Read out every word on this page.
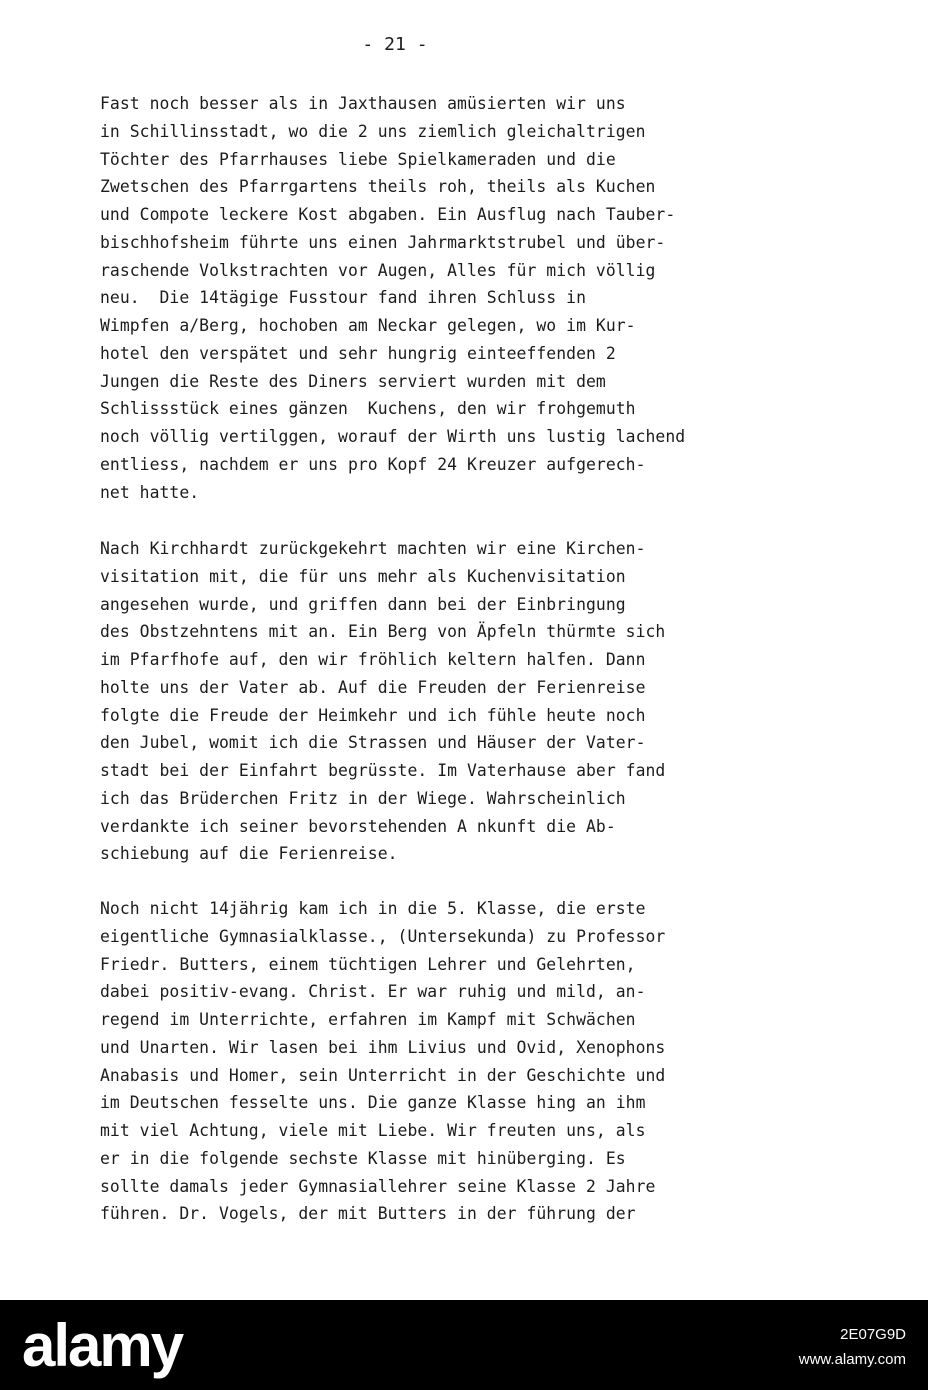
- 21 -
Fast noch besser als in Jaxthausen amüsierten wir uns
in Schillinsstadt, wo die 2 uns ziemlich gleichaltrigen
Töchter des Pfarrhauses liebe Spielkameraden und die
Zwetschen des Pfarrgartens theils roh, theils als Kuchen
und Compote leckere Kost abgaben. Ein Ausflug nach Tauber-
bischhofsheim führte uns einen Jahrmarktstrubel und über-
raschende Volkstrachten vor Augen, Alles für mich völlig
neu.  Die 14tägige Fusstour fand ihren Schluss in
Wimpfen a/Berg, hochoben am Neckar gelegen, wo im Kur-
hotel den verspätet und sehr hungrig einteeffenden 2
Jungen die Reste des Diners serviert wurden mit dem
Schlissstück eines gänzen  Kuchens, den wir frohgemuth
noch völlig vertilggen, worauf der Wirth uns lustig lachend
entliess, nachdem er uns pro Kopf 24 Kreuzer aufgerech-
net hatte.
Nach Kirchhardt zurückgekehrt machten wir eine Kirchen-
visitation mit, die für uns mehr als Kuchenvisitation
angesehen wurde, und griffen dann bei der Einbringung
des Obstzehntens mit an. Ein Berg von Äpfeln thürmte sich
im Pfarfhofe auf, den wir fröhlich keltern halfen. Dann
holte uns der Vater ab. Auf die Freuden der Ferienreise
folgte die Freude der Heimkehr und ich fühle heute noch
den Jubel, womit ich die Strassen und Häuser der Vater-
stadt bei der Einfahrt begrüsste. Im Vaterhause aber fand
ich das Brüderchen Fritz in der Wiege. Wahrscheinlich
verdankte ich seiner bevorstehenden A nkunft die Ab-
schiebung auf die Ferienreise.
Noch nicht 14jährig kam ich in die 5. Klasse, die erste
eigentliche Gymnasialklasse., (Untersekunda) zu Professor
Friedr. Butters, einem tüchtigen Lehrer und Gelehrten,
dabei positiv-evang. Christ. Er war ruhig und mild, an-
regend im Unterrichte, erfahren im Kampf mit Schwächen
und Unarten. Wir lasen bei ihm Livius und Ovid, Xenophons
Anabasis und Homer, sein Unterricht in der Geschichte und
im Deutschen fesselte uns. Die ganze Klasse hing an ihm
mit viel Achtung, viele mit Liebe. Wir freuten uns, als
er in die folgende sechste Klasse mit hinüberging. Es
sollte damals jeder Gymnasiallehrer seine Klasse 2 Jahre
führen. Dr. Vogels, der mit Butters in der führung der
alamy	2E07G9D
www.alamy.com
